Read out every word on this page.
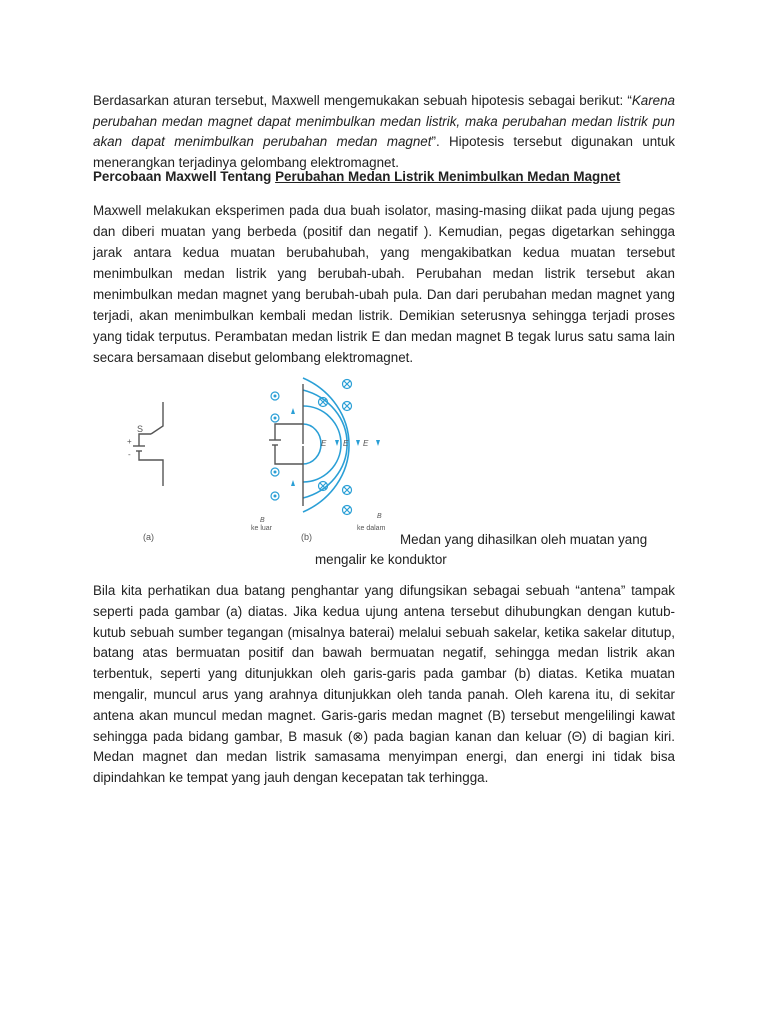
Berdasarkan aturan tersebut, Maxwell mengemukakan sebuah hipotesis sebagai berikut: “Karena perubahan medan magnet dapat menimbulkan medan listrik, maka perubahan medan listrik pun akan dapat menimbulkan perubahan medan magnet”. Hipotesis tersebut digunakan untuk menerangkan terjadinya gelombang elektromagnet.

Percobaan Maxwell Tentang Perubahan Medan Listrik Menimbulkan Medan Magnet

Maxwell melakukan eksperimen pada dua buah isolator, masing-masing diikat pada ujung pegas dan diberi muatan yang berbeda (positif dan negatif ). Kemudian, pegas digetarkan sehingga jarak antara kedua muatan berubahubah, yang mengakibatkan kedua muatan tersebut menimbulkan medan listrik yang berubah-ubah. Perubahan medan listrik tersebut akan menimbulkan medan magnet yang berubah-ubah pula. Dan dari perubahan medan magnet yang terjadi, akan menimbulkan kembali medan listrik. Demikian seterusnya sehingga terjadi proses yang tidak terputus. Perambatan medan listrik E dan medan magnet B tegak lurus satu sama lain secara bersamaan disebut gelombang elektromagnet.

S
+
-
(a)
E E E
B
ke luar
B
ke dalam
(b)	Medan yang dihasilkan oleh muatan yang
mengalir ke konduktor

Bila kita perhatikan dua batang penghantar yang difungsikan sebagai sebuah “antena” tampak seperti pada gambar (a) diatas. Jika kedua ujung antena tersebut dihubungkan dengan kutub-kutub sebuah sumber tegangan (misalnya baterai) melalui sebuah sakelar, ketika sakelar ditutup, batang atas bermuatan positif dan bawah bermuatan negatif, sehingga medan listrik akan terbentuk, seperti yang ditunjukkan oleh garis-garis pada gambar (b) diatas. Ketika muatan mengalir, muncul arus yang arahnya ditunjukkan oleh tanda panah. Oleh karena itu, di sekitar antena akan muncul medan magnet. Garis-garis medan magnet (B) tersebut mengelilingi kawat sehingga pada bidang gambar, B masuk (⊗) pada bagian kanan dan keluar (Θ) di bagian kiri. Medan magnet dan medan listrik samasama menyimpan energi, dan energi ini tidak bisa dipindahkan ke tempat yang jauh dengan kecepatan tak terhingga.
